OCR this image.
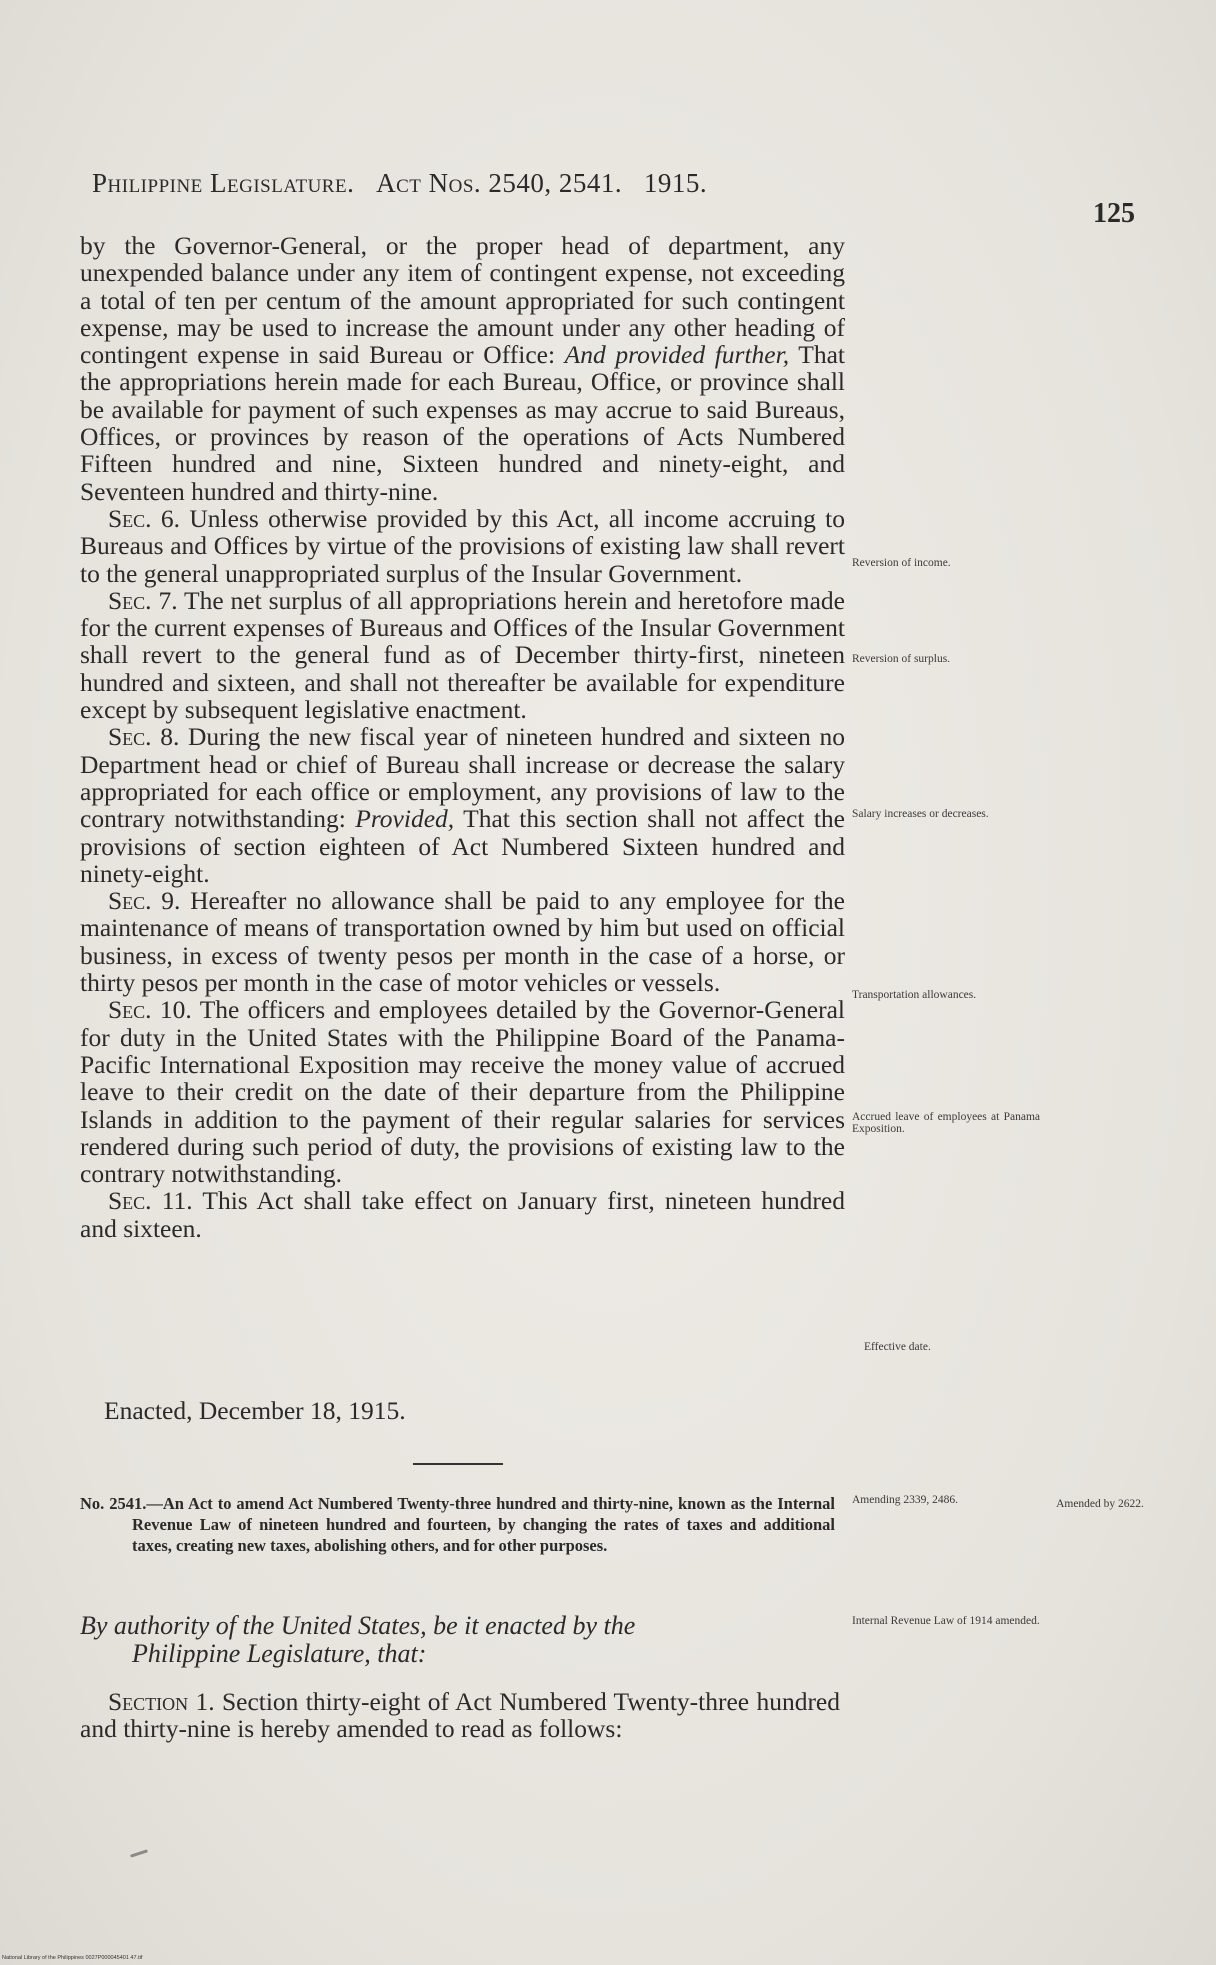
Philippine Legislature. Act Nos. 2540, 2541. 1915.
125

by the Governor-General, or the proper head of department, any unexpended balance under any item of contingent expense, not exceeding a total of ten per centum of the amount appropriated for such contingent expense, may be used to increase the amount under any other heading of contingent expense in said Bureau or Office: And provided further, That the appropriations herein made for each Bureau, Office, or province shall be available for payment of such expenses as may accrue to said Bureaus, Offices, or provinces by reason of the operations of Acts Numbered Fifteen hundred and nine, Sixteen hundred and ninety-eight, and Seventeen hundred and thirty-nine.

Sec. 6. Unless otherwise provided by this Act, all income accruing to Bureaus and Offices by virtue of the provisions of existing law shall revert to the general unappropriated surplus of the Insular Government.

Sec. 7. The net surplus of all appropriations herein and heretofore made for the current expenses of Bureaus and Offices of the Insular Government shall revert to the general fund as of December thirty-first, nineteen hundred and sixteen, and shall not thereafter be available for expenditure except by subsequent legislative enactment.

Sec. 8. During the new fiscal year of nineteen hundred and sixteen no Department head or chief of Bureau shall increase or decrease the salary appropriated for each office or employment, any provisions of law to the contrary notwithstanding: Provided, That this section shall not affect the provisions of section eighteen of Act Numbered Sixteen hundred and ninety-eight.

Sec. 9. Hereafter no allowance shall be paid to any employee for the maintenance of means of transportation owned by him but used on official business, in excess of twenty pesos per month in the case of a horse, or thirty pesos per month in the case of motor vehicles or vessels.

Sec. 10. The officers and employees detailed by the Governor-General for duty in the United States with the Philippine Board of the Panama-Pacific International Exposition may receive the money value of accrued leave to their credit on the date of their departure from the Philippine Islands in addition to the payment of their regular salaries for services rendered during such period of duty, the provisions of existing law to the contrary notwithstanding.

Sec. 11. This Act shall take effect on January first, nineteen hundred and sixteen.

Enacted, December 18, 1915.
No. 2541.—An Act to amend Act Numbered Twenty-three hundred and thirty-nine, known as the Internal Revenue Law of nineteen hundred and fourteen, by changing the rates of taxes and additional taxes, creating new taxes, abolishing others, and for other purposes.
By authority of the United States, be it enacted by the
Philippine Legislature, that:

Section 1. Section thirty-eight of Act Numbered Twenty-three hundred and thirty-nine is hereby amended to read as follows:

Reversion of income.
Reversion of surplus.
Salary increases or decreases.
Transportation allowances.
Accrued leave of employees at Panama Exposition.
Effective date.
Amending 2339, 2486.	Amended by 2622.
Internal Revenue Law of 1914 amended.
National Library of the Philippines 0027P000045401 47.tif
